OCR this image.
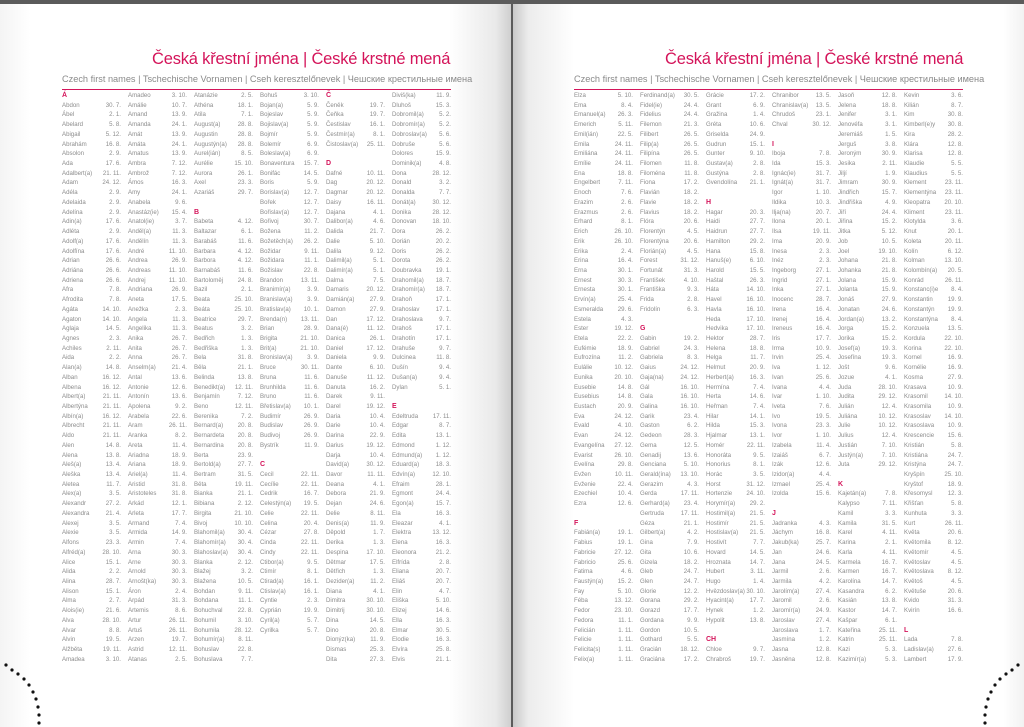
Česká křestní jména | České krstné mená
Czech first names | Tschechische Vornamen | Cseh keresztelőnevek | Чешские крестильные имена
Á
Abdon	30. 7.
Ábel	2. 1.
Abelard	5. 8.
Abigail	5. 12.
Abrahám	16. 8.
Absolon	2. 9.
Ada	17. 6.
Adalbert(a) 21. 11.
Adam	24. 12.
Adéla	2. 9.
Adelaida	2. 9.
Adelína	2. 9.
Adin(a)	17. 6.
Adléta	2. 9.
Adolf(a)	17. 6.
Adolfína	17. 6.
Adrian	26. 6.
Adriána	26. 6.
Adriena	26. 6.
Afra	7. 8.
Afrodita	7. 8.
Agáta	14. 10.
Agaton	14. 10.
Aglaja	14. 5.
Agnes	2. 3.
Achiles	2. 11.
Aida	2. 2.
Alan(a)	14. 8.
Alban	16. 12.
Albena	16. 12.
Albert(a)	21. 11.
Albertýna 21. 11.
Albín(a)	16. 12.
Albrecht	21. 11.
Aldo	21. 11.
Alen	14. 8.
Alena	13. 8.
Aleš(a)	13. 4.
Aleška	13. 4.
Aletea	11. 7.
Alex(a)	3. 5.
Alexandr	27. 2.
Alexandra	21. 4.
Alexej	3. 5.
Alexie	3. 5.
Alfons	23. 3.
Alfréd(a)	28. 10.
Alice	15. 1.
Alida	2. 2.
Alina	28. 7.
Alison	15. 1.
Alma	2. 7.
Alois(ie)	21. 6.
Alva	28. 10.
Alvar	8. 8.
Alvin	19. 5.
Alžběta	19. 11.
Amadea	3. 10.
Amadeo	3. 10.
Amálie	10. 7.
Amand	13. 9.
Amanda	24. 1.
Amát	13. 9.
Amáta	24. 1.
Amatus	13. 9.
Ambra	7. 12.
Ambrož	7. 12.
Ámos	16. 3.
Amy	24. 1.
Anabela	9. 6.
Anastáz(ie) 15. 4.
Anatol(ie)	3. 7.
Anděl(a)	11. 3.
Andělín	11. 3.
André	11. 10.
Andrea	26. 9.
Andreas	11. 10.
Andrej	11. 10.
Andriana	26. 9.
Aneta	17. 5.
Anežka	2. 3.
Angela	11. 3.
Angelika	11. 3.
Anika	26. 7.
Anita	26. 7.
Anna	26. 7.
Anselm(a)	21. 4.
Antal	13. 6.
Antonie	12. 6.
Antonín	13. 6.
Apolena	9. 2.
Arabela	22. 6.
Aram	26. 11.
Aranka	8. 2.
Areta	11. 4.
Ariadna	18. 9.
Ariana	18. 9.
Ariel(a)	11. 4.
Aristid	31. 8.
Aristoteles	31. 8.
Arkád	12. 1.
Arleta	17. 7.
Armand	7. 4.
Armida	14. 9.
Armin	7. 4.
Arna	30. 3.
Arne	30. 3.
Arnold	30. 3.
Arnošt(ka)	30. 3.
Áron	2. 4.
Arpád	31. 3.
Artemis	8. 6.
Artur	26. 11.
Artuš	26. 11.
Arzen	19. 7.
Astrid	12. 11.
Atanas	2. 5.
Atanázie	2. 5.
Athéna	18. 1.
Atila	7. 1.
August(a)	28. 8.
Augustin	28. 8.
Augustýn(a) 28. 8.
Aurel(ián)	8. 5.
Aurélie	15. 10.
Aurora	26. 1.
Axel	23. 3.
Azariáš	29. 7.
B
Babeta	4. 12.
Baltazar	6. 1.
Barabáš	11. 6.
Barbara	4. 12.
Barbora	4. 12.
Barnabáš	11. 6.
Bartoloměj 24. 8.
Bazil	2. 1.
Beata	25. 10.
Beáta	25. 10.
Beatrice	29. 7.
Beatus	3. 2.
Bedřich	1. 3.
Bedřiška	1. 3.
Bela	31. 8.
Běla	21. 1.
Belinda	13. 8.
Benedikt(a) 12. 11.
Benjamín	7. 12.
Beno	12. 11.
Berenika	7. 2.
Bernard(a) 20. 8.
Bernardeta 20. 8.
Bernardina 20. 8.
Berta	23. 9.
Bertold(a)	27. 7.
Bertram	31. 5.
Běta	19. 11.
Bianka	21. 1.
Bibiana	2. 12.
Birgita	21. 10.
Bivoj	10. 10.
Blahomil(a) 30. 4.
Blahomír(a) 30. 4.
Blahoslav(a) 30. 4.
Blanka	2. 12.
Blažej	3. 2.
Blažena	10. 5.
Bohdan	9. 11.
Bohdana	11. 1.
Bohuchval	22. 8.
Bohumil	3. 10.
Bohumila 28. 12.
Bohumír(a) 8. 11.
Bohuslav	22. 8.
Bohuslava	7. 7.
Bohuš	3. 10.
Bojan(a)	5. 9.
Bojeslav	5. 9.
Bojislav(a)	5. 9.
Bojmír	5. 9.
Bolemír	6. 9.
Boleslav(a)	6. 9.
Bonaventura 15. 7.
Bonifác	14. 5.
Boris	5. 9.
Borislav(a) 12. 7.
Bořek	12. 7.
Bořislav(a) 12. 7.
Bořivoj	30. 7.
Božena	11. 2.
Božetěch(a) 26. 2.
Božidar	9. 11.
Božidara	11. 1.
Božislav	22. 8.
Brandon	13. 11.
Branimír(a)	3. 9.
Branislav(a) 3. 9.
Bratislav(a) 10. 1.
Brenda(n) 13. 11.
Brian	28. 9.
Brigita	21. 10.
Brit(a)	21. 10.
Bronislav(a) 3. 9.
Bruce	30. 11.
Bruna	11. 6.
Brunhilda	11. 6.
Bruno	11. 6.
Břetislav(a) 10. 1.
Budimír	26. 9.
Budislav	26. 9.
Budivoj	26. 9.
Bystrík	11. 9.
C
Cecil	22. 11.
Cecílie	22. 11.
Cedrik	16. 7.
Celestýn(a) 19. 5.
Celie	22. 11.
Celina	20. 4.
Cézar	27. 8.
Cinda	22. 11.
Cindy	22. 11.
Ctibor(a)	9. 5.
Ctimír	8. 1.
Ctirad(a)	16. 1.
Ctislav(a)	16. 1.
Cyntie	2. 3.
Cyprián	19. 9.
Cyril(a)	5. 7.
Cyrilka	5. 7.
Č
Čeněk	19. 7.
Čeňka	19. 7.
Čestislav	16. 1.
Čestmír(a)	8. 1.
Čistoslav(a) 25. 11.
D
Dafné	10. 11.
Dag	20. 12.
Dagmar	20. 12.
Daisy	16. 11.
Dajana	4. 1.
Dalibor(a)	4. 6.
Dalida	21. 7.
Dalie	5. 10.
Dalila	9. 12.
Dalimil(a)	5. 1.
Dalimír(a)	5. 1.
Dalma	7. 5.
Damaris	20. 12.
Damián(a)	27. 9.
Damon	27. 9.
Dan	17. 12.
Dana(é)	11. 12.
Danica	26. 1.
Daniel	17. 12.
Daniela	9. 9.
Dante	6. 10.
Danuše	11. 12.
Danuta	16. 2.
Darek	9. 11.
Darel	19. 12.
Daria	10. 4.
Darie	10. 4.
Darina	22. 9.
Darius	19. 12.
Darja	10. 4.
David(a)	30. 12.
Davor	11. 11.
Deana	4. 1.
Debora	21. 9.
Dejan	24. 6.
Delie	8. 11.
Denis(a)	11. 9.
Děpold	1. 7.
Derika	1. 3.
Despina	17. 10.
Dětmar	17. 5.
Dětřich	1. 3.
Dezider(a)	11. 2.
Diana	4. 1.
Dimitra	30. 10.
Dimitrij	30. 10.
Dina	14. 5.
Dino	20. 8.
Dionýz(ka) 11. 9.
Dismas	25. 3.
Dita	27. 3.
Diviš(ka)	11. 9.
Dluhoš	15. 3.
Dobromil(a)	5. 2.
Dobromír(a) 5. 2.
Dobroslav(a) 5. 6.
Dobruše	5. 6.
Dolores	15. 9.
Dominik(a)	4. 8.
Dona	28. 12.
Donald	3. 2.
Donalda	7. 7.
Donát(a)	30. 12.
Donika	28. 12.
Donovan	18. 10.
Dora	26. 2.
Dorián	20. 2.
Doris	26. 2.
Dorota	26. 2.
Doubravka 19. 1.
Drahomil(a) 18. 7.
Drahomír(a) 18. 7.
Drahoň	17. 1.
Drahoslav	17. 1.
Drahoslava	9. 7.
Drahoš	17. 1.
Drahotín	17. 1.
Drahuše	9. 7.
Dulcinea	11. 8.
Dušín	9. 4.
Dušan(a)	9. 4.
Dylan	5. 1.
E
Edeltruda 17. 11.
Edgar	8. 7.
Edita	13. 1.
Edmond	1. 12.
Edmund(a) 1. 12.
Eduard(a)	18. 3.
Edvín(a)	12. 10.
Efraim	28. 1.
Egmont	24. 4.
Egon(a)	15. 7.
Ela	16. 3.
Eleazar	4. 1.
Elektra	13. 12.
Elena	16. 3.
Eleonora	21. 2.
Elfrída	2. 8.
Eliana	20. 7.
Eliáš	20. 7.
Elin	4. 7.
Eliška	5. 10.
Elizej	14. 6.
Ella	16. 3.
Elmar	30. 5.
Elodie	16. 3.
Elvíra	25. 8.
Elvis	21. 1.
Česká křestní jména | České krstné mená
Czech first names | Tschechische Vornamen | Cseh keresztelőnevek | Чешские крестильные имена
Elza	5. 10.
Ema	8. 4.
Emanuel(a) 26. 3.
Emerich	5. 11.
Emil(ián)	22. 5.
Emila	24. 11.
Emiliána	24. 11.
Emílie	24. 11.
Ena	18. 8.
Engelbert	7. 11.
Enoch	7. 6.
Erazim	2. 6.
Erazmus	2. 6.
Erhard	8. 1.
Erich	26. 10.
Erik	26. 10.
Erika	2. 4.
Erina	16. 4.
Erna	30. 1.
Ernest	30. 3.
Ernesta	30. 1.
Ervín(a)	25. 4.
Esmeralda 29. 6.
Estela	4. 3.
Ester	19. 12.
Etela	22. 2.
Eufémie	18. 9.
Eufrozína	11. 2.
Eulálie	10. 12.
Eunika	20. 10.
Eusebie	14. 8.
Eusebius	14. 8.
Eustach	20. 9.
Eva	24. 12.
Evald	4. 10.
Evan	24. 12.
Evangelína 27. 12.
Evarist	26. 10.
Evelína	29. 8.
Evžen	10. 11.
Evženie	22. 4.
Ezechiel	10. 4.
Ezra	12. 6.
F
Fabián(a)	19. 1.
Fabius	19. 1.
Fabricie	27. 12.
Fabricio	25. 6.
Fatima	4. 6.
Faustýn(a) 15. 2.
Fay	5. 10.
Féba	13. 12.
Fedor	23. 10.
Fedora	11. 1.
Felicián	1. 11.
Felicie	1. 11.
Felicita(s)	1. 11.
Felix(a)	1. 11.
Ferdinand(a) 30. 5.
Fidel(ie)	24. 4.
Fidelius	24. 4.
Filemon	21. 3.
Filibert	26. 5.
Filip(a)	26. 5.
Filipína	26. 5.
Filomen	11. 8.
Filoména	11. 8.
Fiona	17. 2.
Flavián	18. 2.
Flavie	18. 2.
Flavius	18. 2.
Flóra	20. 6.
Florentýn	4. 5.
Florentýna 20. 6.
Florián(a)	4. 5.
Forest	31. 12.
Fortunát	31. 3.
František	4. 10.
Františka	9. 3.
Frida	2. 8.
Fridolín	6. 3.
G
Gabin	19. 2.
Gabriel	24. 3.
Gabriela	8. 3.
Gaius	24. 12.
Gaja(na)	24. 12.
Gál	16. 10.
Gala	16. 10.
Galina	16. 10.
Garik	23. 4.
Gaston	6. 2.
Gedeon	28. 3.
Gema	12. 5.
Genadij	13. 6.
Genciana	5. 10.
Gerald(ína) 13. 10.
Gerazim	4. 3.
Gerda	17. 11.
Gerhard(a) 23. 4.
Gertruda	17. 11.
Géza	21. 1.
Gilbert(a)	4. 2.
Gina	7. 9.
Gita	10. 6.
Gizela	18. 2.
Gleb	24. 7.
Glen	24. 7.
Glorie	12. 2.
Gorana	29. 2.
Gorazd	17. 7.
Gordana	9. 9.
Gordon	10. 5.
Gothard	5. 5.
Gracián	18. 12.
Graciána	17. 2.
Grácie	17. 2.
Grant	6. 9.
Gražina	1. 4.
Gréta	10. 6.
Griselda	24. 9.
Gudrun	15. 1.
Gunter	9. 10.
Gustav(a)	2. 8.
Gustýna	2. 8.
Gvendolína 21. 1.
H
Hagar	20. 3.
Haidi	27. 7.
Haidrun	27. 7.
Hamilton	29. 2.
Hana	15. 8.
Hanuš(e)	6. 10.
Harold	15. 5.
Haštal	26. 3.
Háta	14. 10.
Havel	16. 10.
Havla	16. 10.
Heda	17. 10.
Hedvika	17. 10.
Hektor	28. 7.
Helena	18. 8.
Helga	11. 7.
Helmut	20. 9.
Herbert(a)	16. 3.
Hermína	7. 4.
Herta	14. 6.
Heřman	7. 4.
Hilar	14. 1.
Hilda	15. 3.
Hjalmar	13. 1.
Homér	22. 11.
Honoráta	9. 5.
Honorius	8. 1.
Horác	3. 5.
Horst	31. 12.
Hortenzie 24. 10.
Horymír(a) 29. 2.
Hostimil(a) 21. 5.
Hostimír	21. 5.
Hostislav(a) 21. 5.
Hostivít	7. 7.
Hovard	14. 5.
Hroznata	14. 7.
Hubert	3. 11.
Hugo	1. 4.
Hvězdoslav(a) 30. 10.
Hyacint(a)	17. 7.
Hynek	1. 2.
Hypolit	13. 8.
CH
Chloe	9. 7.
Chrabroš	19. 7.
Chranibor	13. 5.
Chranislav(a) 13. 5.
Chrudoš	23. 1.
Chval	30. 12.
I
Iboja	7. 8.
Ida	15. 3.
Ignác(ie)	31. 7.
Ignát(a)	31. 7.
Igor	1. 10.
Ildika	10. 3.
Ilja(na)	20. 7.
Ilona	20. 1.
Ilsa	19. 11.
Ima	20. 9.
Inesa	2. 3.
Inéz	2. 3.
Ingeborg	27. 1.
Ingrid	27. 1.
Inka	27. 1.
Inocenc	28. 7.
Irena	16. 4.
Irenej	16. 4.
Ireneus	16. 4.
Iris	17. 7.
Irma	10. 9.
Irvin	25. 4.
Iva	1. 12.
Ivan	25. 6.
Ivana	4. 4.
Ivar	1. 10.
Iveta	7. 6.
Ivo	19. 5.
Ivona	23. 3.
Ivor	1. 10.
Izabela	11. 4.
Izaiáš	6. 7.
Izák	12. 6.
Izidor(a)	4. 4.
Izmael	25. 4.
Izolda	15. 6.
J
Jadranka	4. 3.
Jáchym	16. 8.
Jakub(ka)	25. 7.
Jan	24. 6.
Jana	24. 5.
Jarmil	2. 6.
Jarmila	4. 2.
Jarolím(a)	27. 4.
Jaromil	2. 6.
Jaromír(a)	24. 9.
Jaroslav	27. 4.
Jaroslava	1. 7.
Jasmína	1. 2.
Jasna	12. 8.
Jasněna	12. 8.
Jasoň	12. 8.
Jelena	18. 8.
Jenifer	3. 1.
Jenovéfa	3. 1.
Jeremiáš	1. 5.
Jerguš	3. 8.
Jeroným	30. 9.
Jesika	2. 11.
Jiljí	1. 9.
Jimram	30. 9.
Jindřich	15. 7.
Jindřiška	4. 9.
Jiří	24. 4.
Jiřina	15. 2.
Jitka	5. 12.
Job	10. 5.
Joel	19. 10.
Johana	21. 8.
Johanka	21. 8.
Jolana	15. 9.
Jolanta	15. 9.
Jonáš	27. 9.
Jonatan	24. 6.
Jordan(a)	13. 2.
Jorga	15. 2.
Jorika	15. 2.
Josef(a)	19. 3.
Josefína	19. 3.
Jošt	9. 6.
Jozue	4. 1.
Juda	28. 10.
Judita	29. 12.
Julián	12. 4.
Juliána	10. 12.
Julie	10. 12.
Julius	12. 4.
Justián	7. 10.
Justýn(a)	7. 10.
Juta	29. 12.
K
Kajetán(a)	7. 8.
Kalypso	7. 11.
Kamil	3. 3.
Kamila	31. 5.
Karel	4. 11.
Karina	2. 1.
Karla	4. 11.
Karmela	16. 7.
Karmen	16. 7.
Karolína	14. 7.
Kasandra	6. 2.
Kasián	13. 8.
Kastor	14. 7.
Kašpar	6. 1.
Kateřina	25. 11.
Katrin	25. 11.
Kazi	5. 3.
Kazimír(a)	5. 3.
Kevin	3. 6.
Kilián	8. 7.
Kim	30. 8.
Kimberl(e)y 30. 8.
Kira	28. 2.
Klára	12. 8.
Klarisa	12. 8.
Klaudie	5. 5.
Klaudius	5. 5.
Klement	23. 11.
Klementýna 23. 11.
Kleopatra 20. 10.
Kliment	23. 11.
Klotylda	3. 6.
Knut	20. 1.
Koleta	20. 11.
Kolín	6. 12.
Kolman	13. 10.
Kolombín(a) 20. 5.
Konrád	26. 11.
Konstanc(i)e 8. 4.
Konstantin 19. 9.
Konstantýn 19. 9.
Konstantýna 8. 4.
Konzuela	13. 5.
Kordula	22. 10.
Korina	22. 10.
Kornel	16. 9.
Kornélie	16. 9.
Kosma	27. 9.
Krasava	10. 9.
Krasomil	14. 10.
Krasomila	10. 9.
Krasoslav 14. 10.
Krasoslava 10. 9.
Krescencie 15. 6.
Kristián	5. 8.
Kristiána	24. 7.
Kristýna	24. 7.
Kryšpín	25. 10.
Kryštof	18. 9.
Křesomysl	12. 3.
Křišťan	5. 8.
Kunhuta	3. 3.
Kurt	26. 11.
Květa	20. 6.
Květomila	8. 12.
Květomír	4. 5.
Květoslav	4. 5.
Květoslava 8. 12.
Květoš	4. 5.
Květuše	20. 6.
Kvido	31. 3.
Kvirín	16. 6.
L
Lada	7. 8.
Ladislav(a) 27. 6.
Lambert	17. 9.
